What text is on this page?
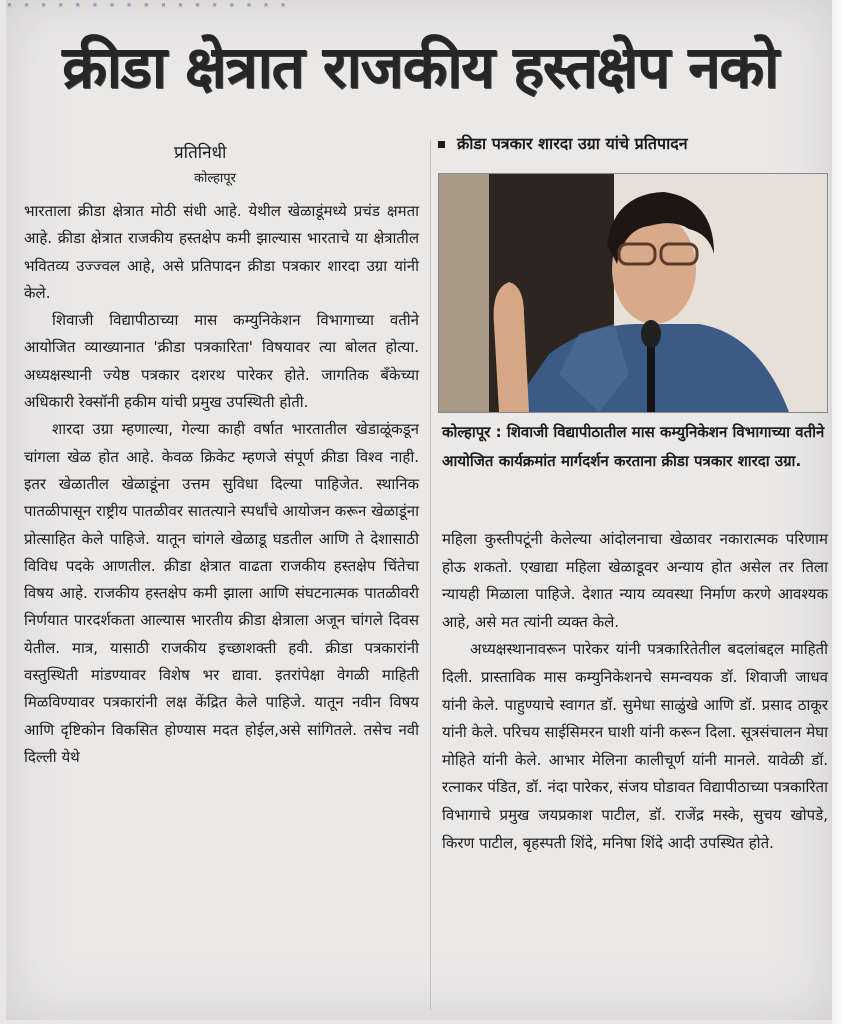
· · · · · · · · · · · · · · · · ·
क्रीडा क्षेत्रात राजकीय हस्तक्षेप नको
प्रतिनिधी
कोल्हापूर

भारताला क्रीडा क्षेत्रात मोठी संधी आहे. येथील खेळाडूंमध्ये प्रचंड क्षमता आहे. क्रीडा क्षेत्रात राजकीय हस्तक्षेप कमी झाल्यास भारताचे या क्षेत्रातील भवितव्य उज्ज्वल आहे, असे प्रतिपादन क्रीडा पत्रकार शारदा उग्रा यांनी केले.

शिवाजी विद्यापीठाच्या मास कम्युनिकेशन विभागाच्या वतीने आयोजित व्याख्यानात 'क्रीडा पत्रकारिता' विषयावर त्या बोलत होत्या. अध्यक्षस्थानी ज्येष्ठ पत्रकार दशरथ पारेकर होते. जागतिक बँकेच्या अधिकारी रेक्सॉनी हकीम यांची प्रमुख उपस्थिती होती.

शारदा उग्रा म्हणाल्या, गेल्या काही वर्षात भारतातील खेडाळूंकडून चांगला खेळ होत आहे. केवळ क्रिकेट म्हणजे संपूर्ण क्रीडा विश्व नाही. इतर खेळातील खेळाडूंना उत्तम सुविधा दिल्या पाहिजेत. स्थानिक पातळीपासून राष्ट्रीय पातळीवर सातत्याने स्पर्धांचे आयोजन करून खेळाडूंना प्रोत्साहित केले पाहिजे. यातून चांगले खेळाडू घडतील आणि ते देशासाठी विविध पदके आणतील. क्रीडा क्षेत्रात वाढता राजकीय हस्तक्षेप चिंतेचा विषय आहे. राजकीय हस्तक्षेप कमी झाला आणि संघटनात्मक पातळीवरी निर्णयात पारदर्शकता आल्यास भारतीय क्रीडा क्षेत्राला अजून चांगले दिवस येतील. मात्र, यासाठी राजकीय इच्छाशक्ती हवी. क्रीडा पत्रकारांनी वस्तुस्थिती मांडण्यावर विशेष भर द्यावा. इतरांपेक्षा वेगळी माहिती मिळविण्यावर पत्रकारांनी लक्ष केंद्रित केले पाहिजे. यातून नवीन विषय आणि दृष्टिकोन विकसित होण्यास मदत होईल,असे सांगितले. तसेच नवी दिल्ली येथे

क्रीडा पत्रकार शारदा उग्रा यांचे प्रतिपादन
कोल्हापूर : शिवाजी विद्यापीठातील मास कम्युनिकेशन विभागाच्या वतीने आयोजित कार्यक्रमांत मार्गदर्शन करताना क्रीडा पत्रकार शारदा उग्रा.

महिला कुस्तीपटूंनी केलेल्या आंदोलनाचा खेळावर नकारात्मक परिणाम होऊ शकतो. एखाद्या महिला खेळाडूवर अन्याय होत असेल तर तिला न्यायही मिळाला पाहिजे. देशात न्याय व्यवस्था निर्माण करणे आवश्यक आहे, असे मत त्यांनी व्यक्त केले.

अध्यक्षस्थानावरून पारेकर यांनी पत्रकारितेतील बदलांबद्दल माहिती दिली. प्रास्ताविक मास कम्युनिकेशनचे समन्वयक डॉ. शिवाजी जाधव यांनी केले. पाहुण्याचे स्वागत डॉ. सुमेधा साळुंखे आणि डॉ. प्रसाद ठाकूर यांनी केले. परिचय साईसिमरन घाशी यांनी करून दिला. सूत्रसंचालन मेघा मोहिते यांनी केले. आभार मेलिना कालीचूर्ण यांनी मानले. यावेळी डॉ. रत्नाकर पंडित, डॉ. नंदा पारेकर, संजय घोडावत विद्यापीठाच्या पत्रकारिता विभागाचे प्रमुख जयप्रकाश पाटील, डॉ. राजेंद्र मस्के, सुचय खोपडे, किरण पाटील, बृहस्पती शिंदे, मनिषा शिंदे आदी उपस्थित होते.
